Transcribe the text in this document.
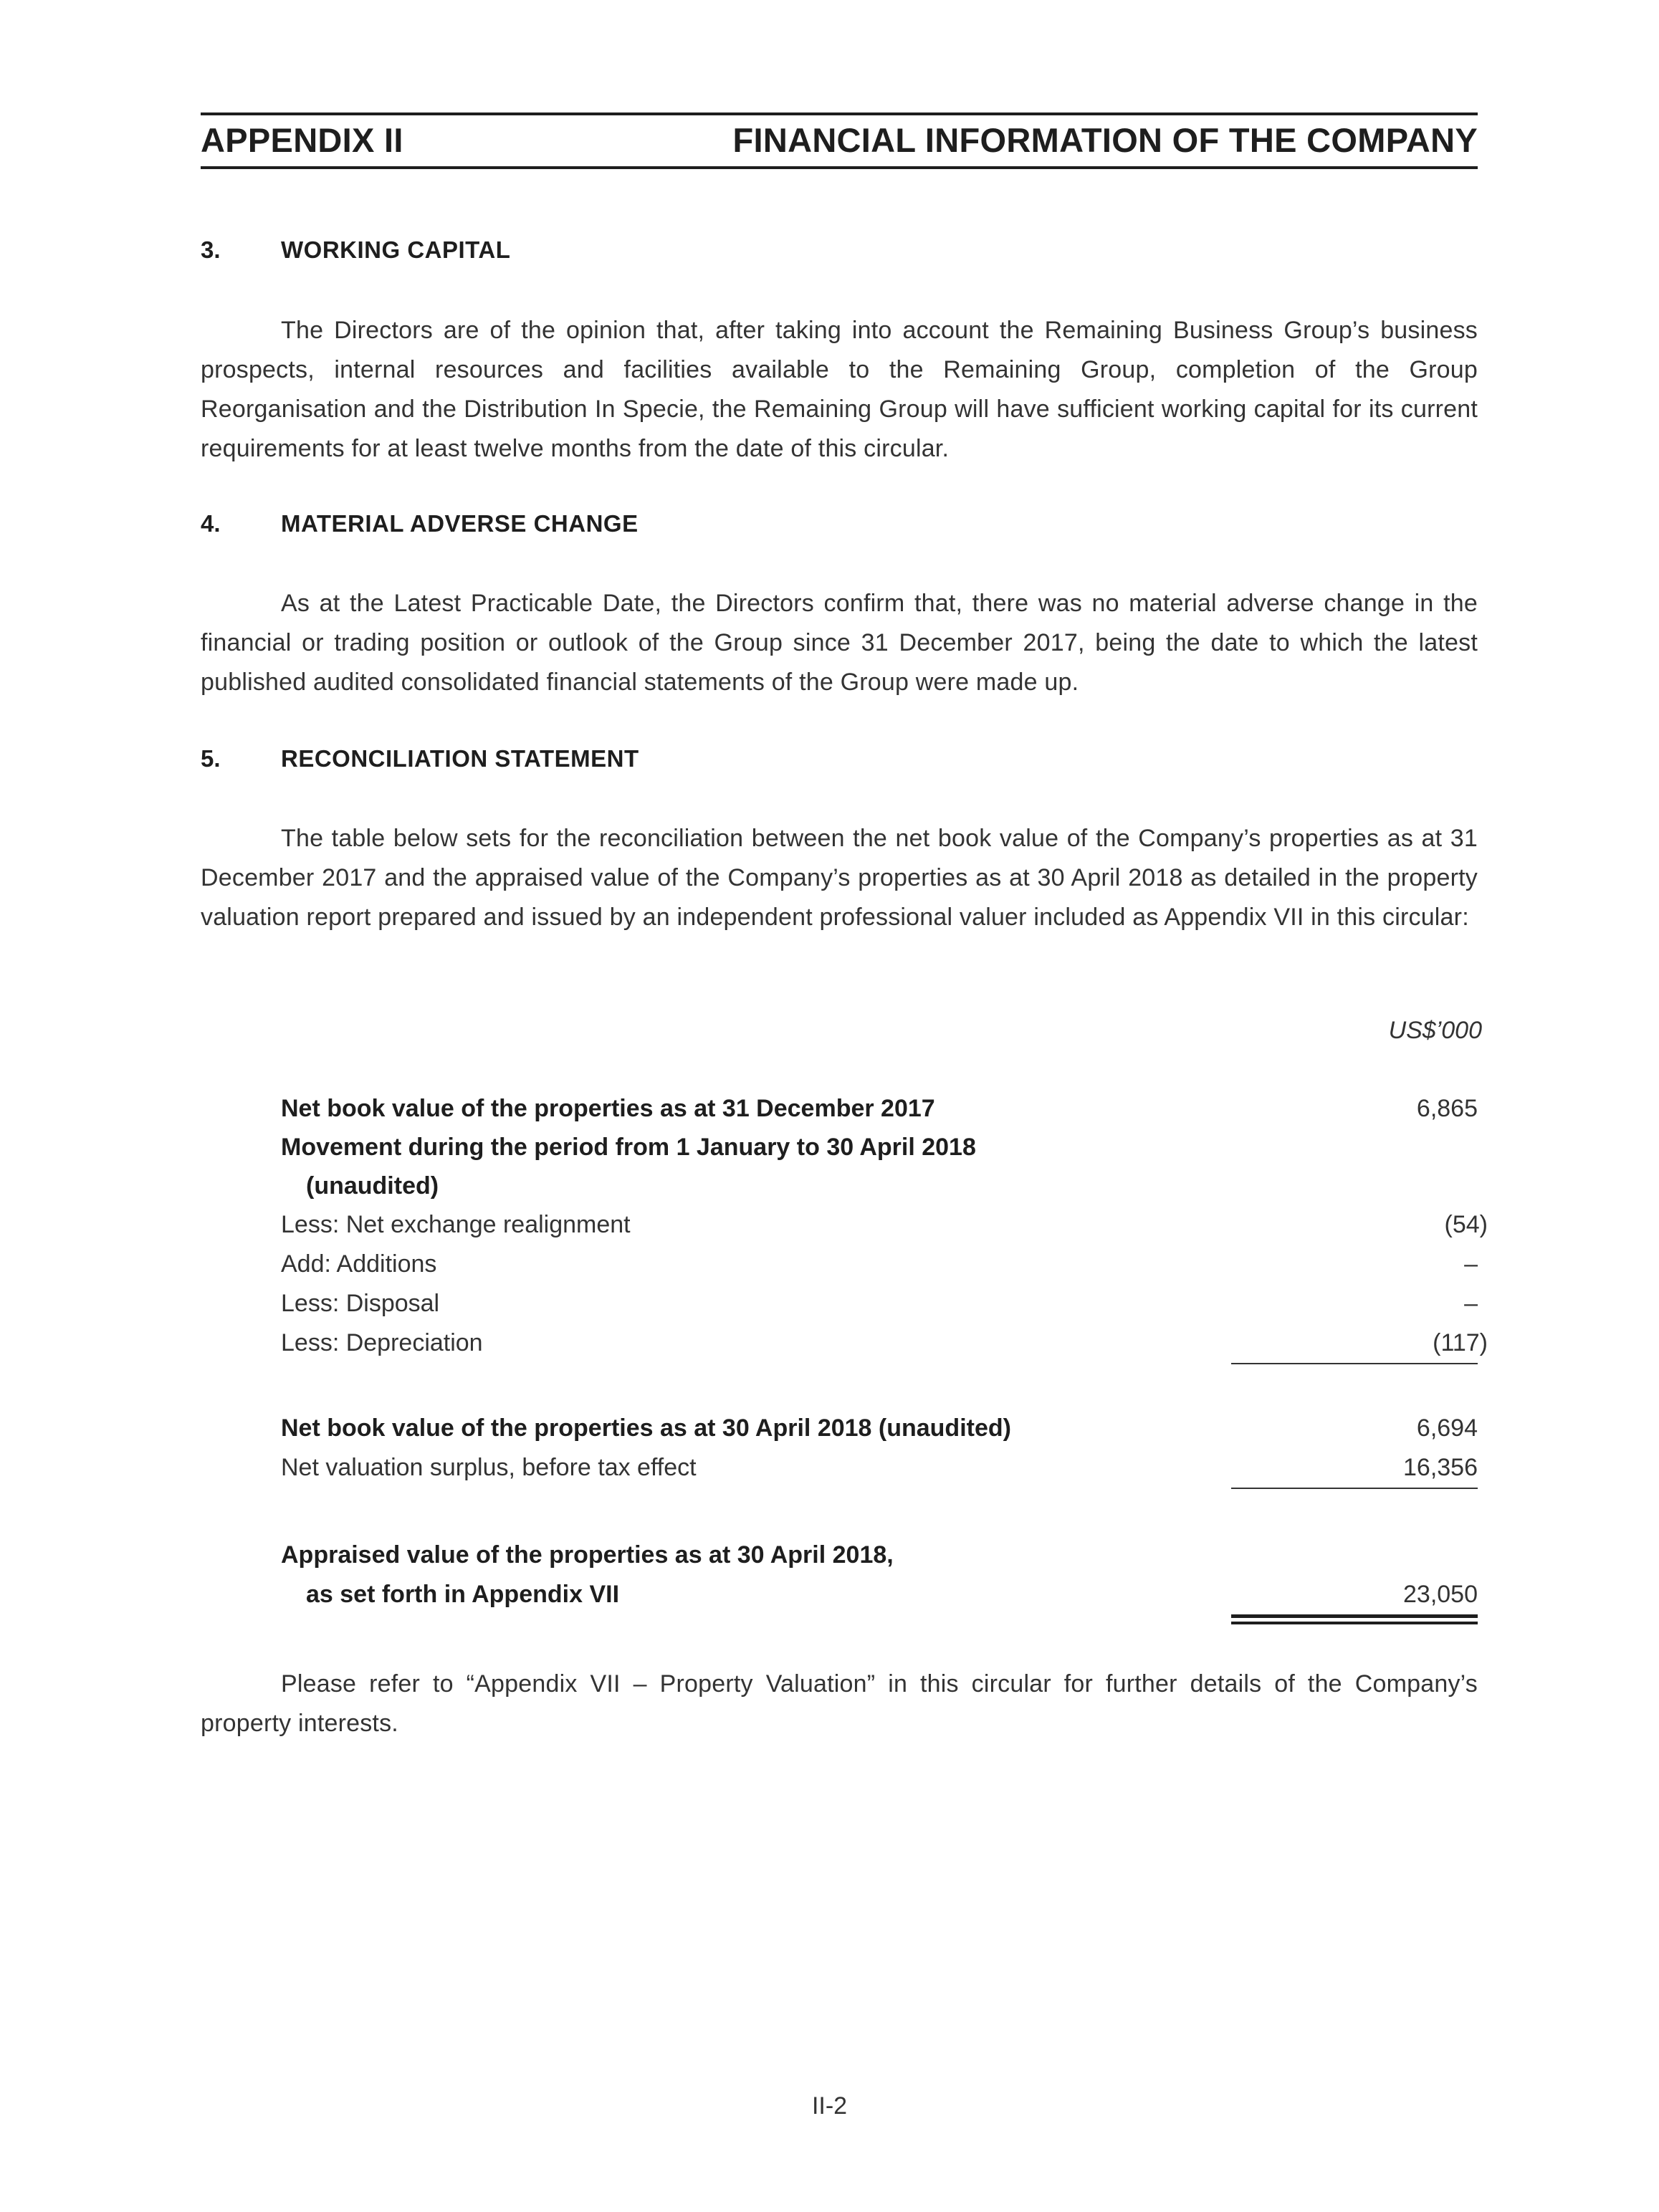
APPENDIX II	FINANCIAL INFORMATION OF THE COMPANY
3.	WORKING CAPITAL
The Directors are of the opinion that, after taking into account the Remaining Business Group’s business prospects, internal resources and facilities available to the Remaining Group, completion of the Group Reorganisation and the Distribution In Specie, the Remaining Group will have sufficient working capital for its current requirements for at least twelve months from the date of this circular.
4.	MATERIAL ADVERSE CHANGE
As at the Latest Practicable Date, the Directors confirm that, there was no material adverse change in the financial or trading position or outlook of the Group since 31 December 2017, being the date to which the latest published audited consolidated financial statements of the Group were made up.
5.	RECONCILIATION STATEMENT
The table below sets for the reconciliation between the net book value of the Company’s properties as at 31 December 2017 and the appraised value of the Company’s properties as at 30 April 2018 as detailed in the property valuation report prepared and issued by an independent professional valuer included as Appendix VII in this circular:
US$’000
Net book value of the properties as at 31 December 2017	6,865
Movement during the period from 1 January to 30 April 2018
(unaudited)
Less: Net exchange realignment	(54)
Add: Additions	–
Less: Disposal	–
Less: Depreciation	(117)
Net book value of the properties as at 30 April 2018 (unaudited)	6,694
Net valuation surplus, before tax effect	16,356
Appraised value of the properties as at 30 April 2018,
as set forth in Appendix VII	23,050
Please refer to “Appendix VII – Property Valuation” in this circular for further details of the Company’s property interests.
II-2
